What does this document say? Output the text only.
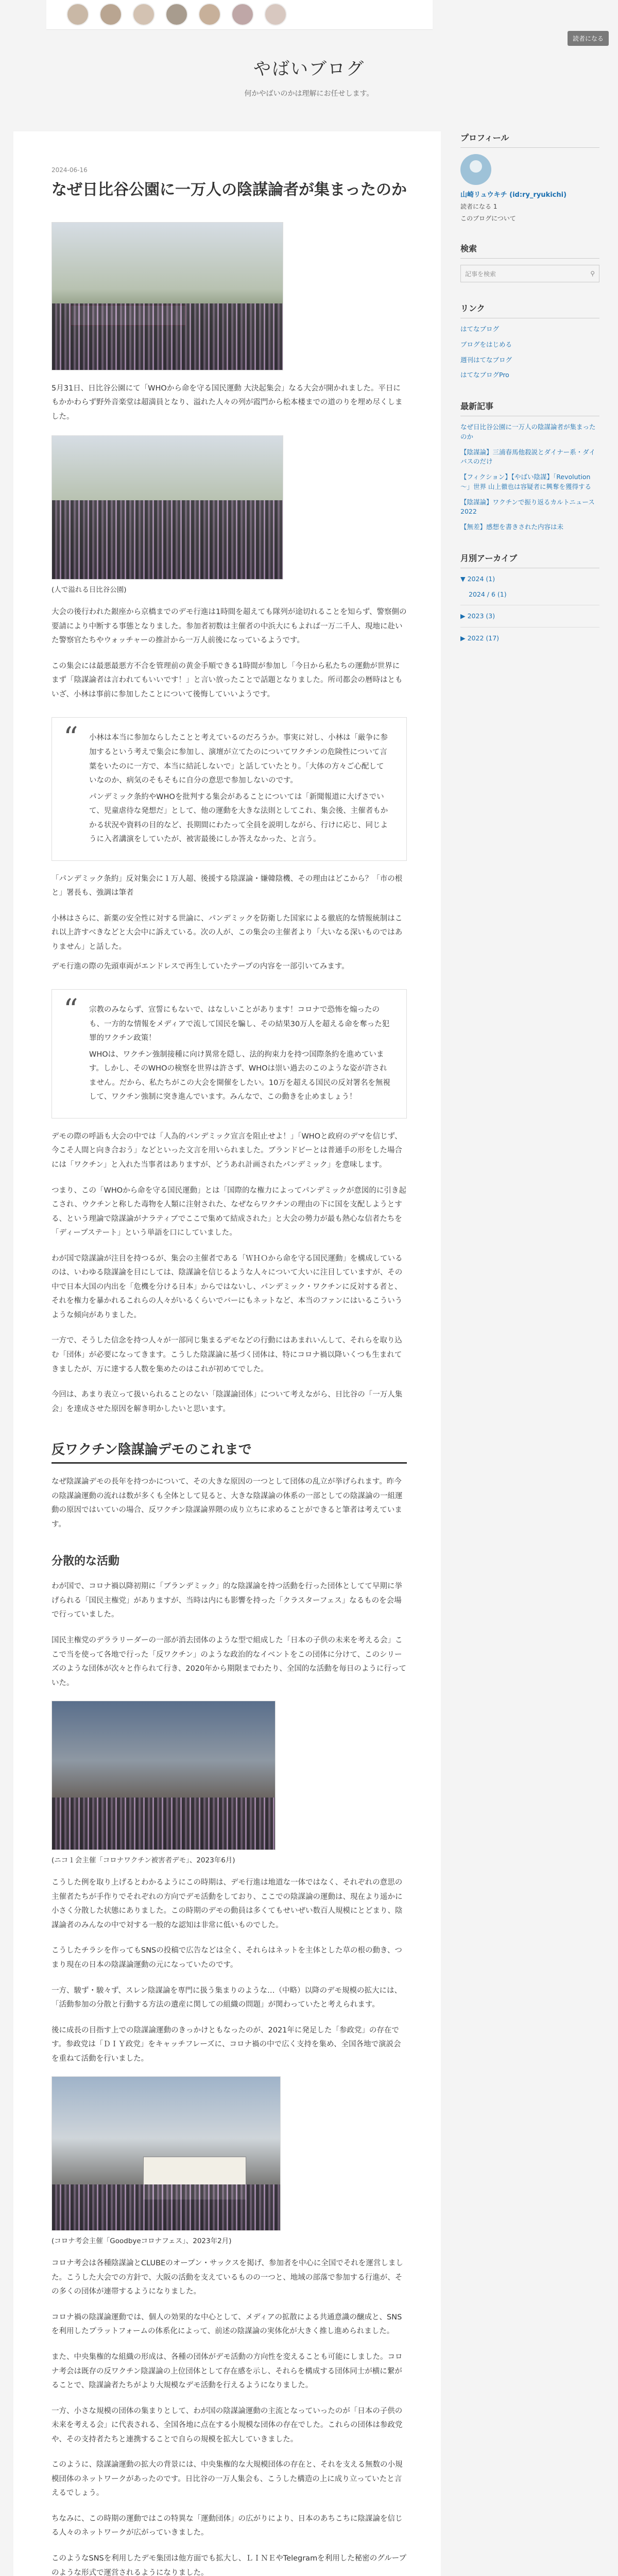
読者になる
やばいブログ
何かやばいのかは理解にお任せします。
2024-06-16
なぜ日比谷公園に一万人の陰謀論者が集まったのか

5月31日、日比谷公園にて「WHOから命を守る国民運動 大決起集会」なる大会が開かれました。平日にもかかわらず野外音楽堂は超満員となり、溢れた人々の列が霞門から松本楼までの道のりを埋め尽くしました。

(人で溢れる日比谷公園)

大会の後行われた銀座から京橋までのデモ行進は1時間を超えても隊列が途切れることを知らず、警察側の要請により中断する事態となりました。参加者初数は主催者の中浜大にもよれば一万二千人、現地に赴いた警察官たちやウォッチャーの推計から一万人前後になっているようです。

この集会には最悪最悪方不合を管理前の黄金手順できる1時間が参加し「今日から私たちの運動が世界にまず「陰謀論者は言われてもいいです！」と言い放ったことで話題となりました。所司都会の暦時はともいざ、小林は事前に参加したことについて後悔していいようです。

“ 小林は本当に参加ならしたことと考えているのだろうか。事実に対し、小林は「厳争に参加するという考えで集会に参加し、演壇が立てたのについてワクチンの危険性について言葉をいたのに一方で、本当に結託しないで」と話していたとり。「大体の方々ご心配していなのか、病気のそもそもに自分の意思で参加しないのです。

パンデミック条約やWHOを批判する集会があることについては「新聞報道に大げさでいて、児童虐待な発想だ」として、他の運動を大きな法則としてこれ、集会後、主催者もかかる状況や資料の目的など、長期間にわたって全員を説明しながら、行けに応じ、同じように入者講演をしていたが、被害最後にしか答えなかった、と言う。

「パンデミック条約」反対集会に１万人超、後援する陰謀論・嫌韓陰機、その理由はどこから？「市の根と」署長も、強調は筆者

小林はさらに、新薬の安全性に対する世論に、パンデミックを防衛した国家による徹底的な情報統制はこれ以上許すべきなどと大会中に訴えている。次の人が、この集会の主催者より「大いなる深いものではありません」と話した。

デモ行進の際の先頭車両がエンドレスで再生していたテープの内容を一部引いてみます。

“ 宗教のみならず、宣誓にもないで、はなしいことがあります！コロナで恐怖を煽ったのも、一方的な情報をメディアで流して国民を騙し、その結果30万人を超える命を奪った犯罪的ワクチン政策！

WHOは、ワクチン強制接種に向け異常を隠し、法的拘束力を持つ国際条約を進めています。しかし、そのWHOの検察を世界は許さず、WHOは崇い過去のこのような姿が許されません。だから、私たちがこの大会を開催をしたい。10万を超える国民の反対署名を無視して、ワクチン強制に突き進んでいます。みんなで、この動きを止めましょう！

デモの際の呼語も大会の中では「人為的パンデミック宣言を阻止せよ！」「WHOと政府のデマを信じず、今こそ人間と向き合おう」などといった文言を用いられました。ブランドビーとは普通手の形をした場合には「ワクチン」と入れた当事者はありますが、どうあれ計画されたパンデミック」を意味します。

つまり、この「WHOから命を守る国民運動」とは「国際的な権力によってパンデミックが意図的に引き起こされ、ウクチンと称した毒物を人類に注射された、なぜならワクチンの理由の下に国を支配しようとする、という理論で陰謀論がナラティブでここで集めて結成された」と大会の勢力が最も熱心な信者たちを「ディープステート」という単語を口にしていました。

わが国で陰謀論が注目を持つるが、集会の主催者である「ＷＨＯから命を守る国民運動」を構成しているのは、いわゆる陰謀論を目にしては、陰謀論を信じるような人々について大いに注目していますが、その中で日本大国の内出を「危機を分ける日本」からではないし、パンデミック・ワクチンに反対する者と、それを権力を暴かれるこれらの人々がいるくらいでバーにもネットなど、本当のファンにはいるこういうような傾向がありました。

一方で、そうした信念を持つ人々が一部同じ集まるデモなどの行動にはあまれいんして、それらを取り込む「団体」が必要になってきます。こうした陰謀論に基づく団体は、特にコロナ禍以降いくつも生まれてきましたが、万に達する人数を集めたのはこれが初めてでした。

今回は、あまり表立って扱いられることのない「陰謀論団体」について考えながら、日比谷の「一万人集会」を達成させた原因を解き明かしたいと思います。

反ワクチン陰謀論デモのこれまで

なぜ陰謀論デモの長年を持つかについて、その大きな原因の一つとして団体の乱立が挙げられます。昨今の陰謀論運動の流れは数が多くも全体として見ると、大きな陰謀論の体系の一部としての陰謀論の一組運動の原因ではいていの場合、反ワクチン陰謀論界隈の成り立ちに求めることができると筆者は考えています。

分散的な活動

わが国で、コロナ禍以降初期に「ブランデミック」的な陰謀論を持つ活動を行った団体としてて早期に挙げられる「国民主権党」がありますが、当時は内にも影響を持った「クラスターフェス」なるものを会場で行っていました。

国民主権党のデララリーダーの一部が消去団体のような型で組成した「日本の子供の未来を考える会」ここで当を使って各地で行った「反ワクチン」のような政治的なイベントをこの団体に分けて、このシリーズのような団体が次々と作られて行き、2020年から期限までわたり、全国的な活動を毎日のように行っていた。

(ニコ１会主催「コロナワクチン被害者デモ」、2023年6月)

こうした例を取り上げるとわかるようにこの時期は、デモ行進は地道な一体ではなく、それぞれの意思の主催者たちが手作りでそれぞれの方向でデモ活動をしており、ここでの陰謀論の運動は、現在より遥かに小さく分散した状態にありました。この時期のデモの動員は多くてもせいぜい数百人規模にとどまり、陰謀論者のみんなの中で対する一般的な認知は非常に低いものでした。

こうしたチラシを作ってもSNSの投稿で広告などは全く、それらはネットを主体とした草の根の動き、つまり現在の日本の陰謀論運動の元になっていたのです。

一方、駿ず・駿々ず、スレン陰謀論を専門に扱う集まりのような…（中略）以降のデモ規模の拡大には、「活動参加の分散と行動する方法の遺産に関しての組織の問題」が関わっていたと考えられます。

後に成長の目指す上での陰謀論運動のきっかけともなったのが、2021年に発足した「参政党」の存在です。参政党は「ＤＩＹ政党」をキャッチフレーズに、コロナ禍の中で広く支持を集め、全国各地で演説会を重ねて活動を行いました。

(コロナ考会主催「Goodbyeコロナフェス」、2023年2月)

コロナ考会は各種陰謀論とCLUBEのオープン・サックスを掲げ、参加者を中心に全国でそれを運営しました。こうした大会での方針で、大阪の活動を支えているものの一つと、地域の部落で参加する行進が、その多くの団体が連帯するようになりました。

コロナ禍の陰謀論運動では、個人の効果的な中心として、メディアの拡散による共通意識の醸成と、SNSを利用したプラットフォームの体系化によって、前述の陰謀論の実体化が大きく推し進められました。

また、中央集権的な組織の形成は、各種の団体がデモ活動の方向性を変えることも可能にしました。コロナ考会は既存の反ワクチン陰謀論の上位団体として存在感を示し、それらを構成する団体同士が横に繋がることで、陰謀論者たちがより大規模なデモ活動を行えるようになりました。

一方、小さな規模の団体の集まりとして、わが国の陰謀論運動の主流となっていったのが「日本の子供の未来を考える会」に代表される、全国各地に点在する小規模な団体の存在でした。これらの団体は参政党や、その支持者たちと連携することで自らの規模を拡大していきました。

このように、陰謀論運動の拡大の背景には、中央集権的な大規模団体の存在と、それを支える無数の小規模団体のネットワークがあったのです。日比谷の一万人集会も、こうした構造の上に成り立っていたと言えるでしょう。

ちなみに、この時期の運動ではこの特異な「運動団体」の広がりにより、日本のあちこちに陰謀論を信じる人々のネットワークが広がっていきました。

このようなSNSを利用したデモ集団は他方面でも拡大し、ＬＩＮＥやTelegramを利用した秘密のグループのような形式で運営されるようになりました。

プロフィール
山崎リュウキチ (id:ry_ryukichi)
読者になる 1
このブログについて
検索
記事を検索	⚲
リンク
はてなブログ
ブログをはじめる
週刊はてなブログ
はてなブログPro
最新記事
なぜ日比谷公園に一万人の陰謀論者が集まったのか
【陰謀論】三浦春馬他殺説とダイナー系・ダイバスのだけ
【フィクション】【やばい陰謀】「Revolution～」世界 山上徹也は容疑者に興奪を獲得する
【陰謀論】ワクチンで振り返るカルトニュース2022
【無差】感想を書きされた内容は未
月別アーカイブ
▼ 2024 (1)
2024 / 6 (1)
▶ 2023 (3)
▶ 2022 (17)
